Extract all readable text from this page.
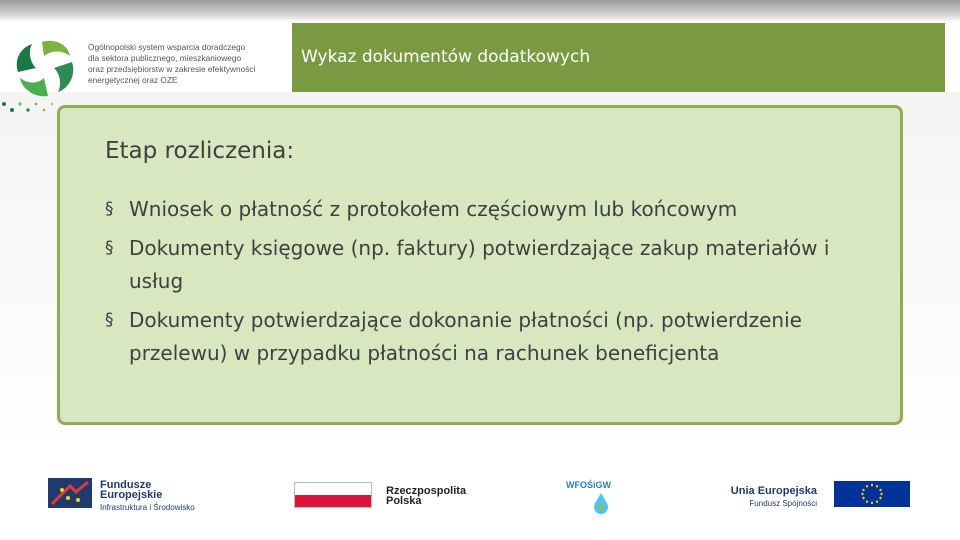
Ogólnopolski system wsparcia doradczego
dla sektora publicznego, mieszkaniowego
oraz przedsiębiorstw w zakresie efektywności
energetycznej oraz OZE
Wykaz dokumentów dodatkowych
Etap rozliczenia:
§ Wniosek o płatność z protokołem częściowym lub końcowym
§ Dokumenty księgowe (np. faktury) potwierdzające zakup materiałów i usług
§ Dokumenty potwierdzające dokonanie płatności (np. potwierdzenie przelewu) w przypadku płatności na rachunek beneficjenta
Fundusze
Europejskie
Infrastruktura i Środowisko
Rzeczpospolita
Polska
WFOŚiGW	Unia Europejska
Fundusz Spójności
